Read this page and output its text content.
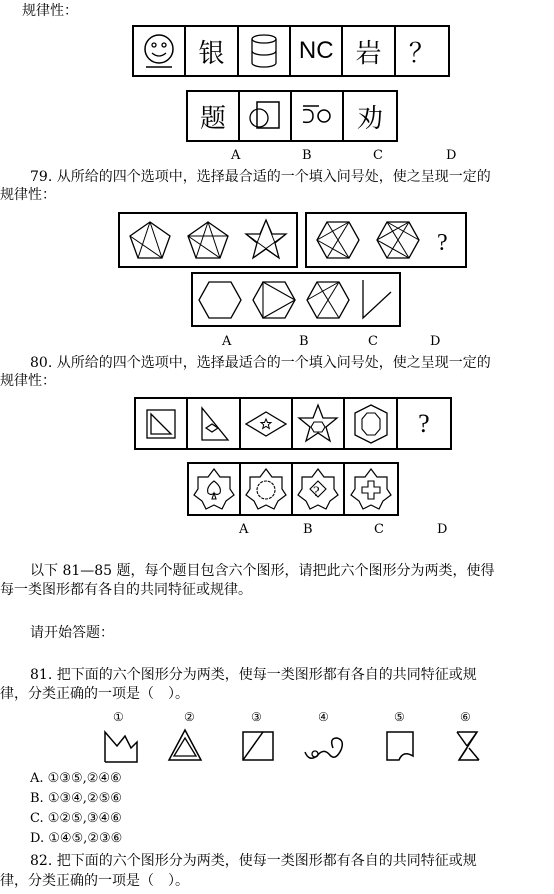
规律性：
银	NC 岩	？
题	劝
A	B	C	D
79. 从所给的四个选项中，选择最合适的一个填入问号处，使之呈现一定的
规律性：
?
A	B	C	D
80. 从所给的四个选项中，选择最适合的一个填入问号处，使之呈现一定的
规律性：
?
?
A	B	C	D
以下 81—85 题，每个题目包含六个图形，请把此六个图形分为两类，使得
每一类图形都有各自的共同特征或规律。
请开始答题：
81. 把下面的六个图形分为两类，使每一类图形都有各自的共同特征或规
律，分类正确的一项是（　）。
①	②	③	④	⑤	⑥
A. ①③⑤,②④⑥
B. ①③④,②⑤⑥
C. ①②⑤,③④⑥
D. ①④⑤,②③⑥
82. 把下面的六个图形分为两类，使每一类图形都有各自的共同特征或规
律，分类正确的一项是（　）。
